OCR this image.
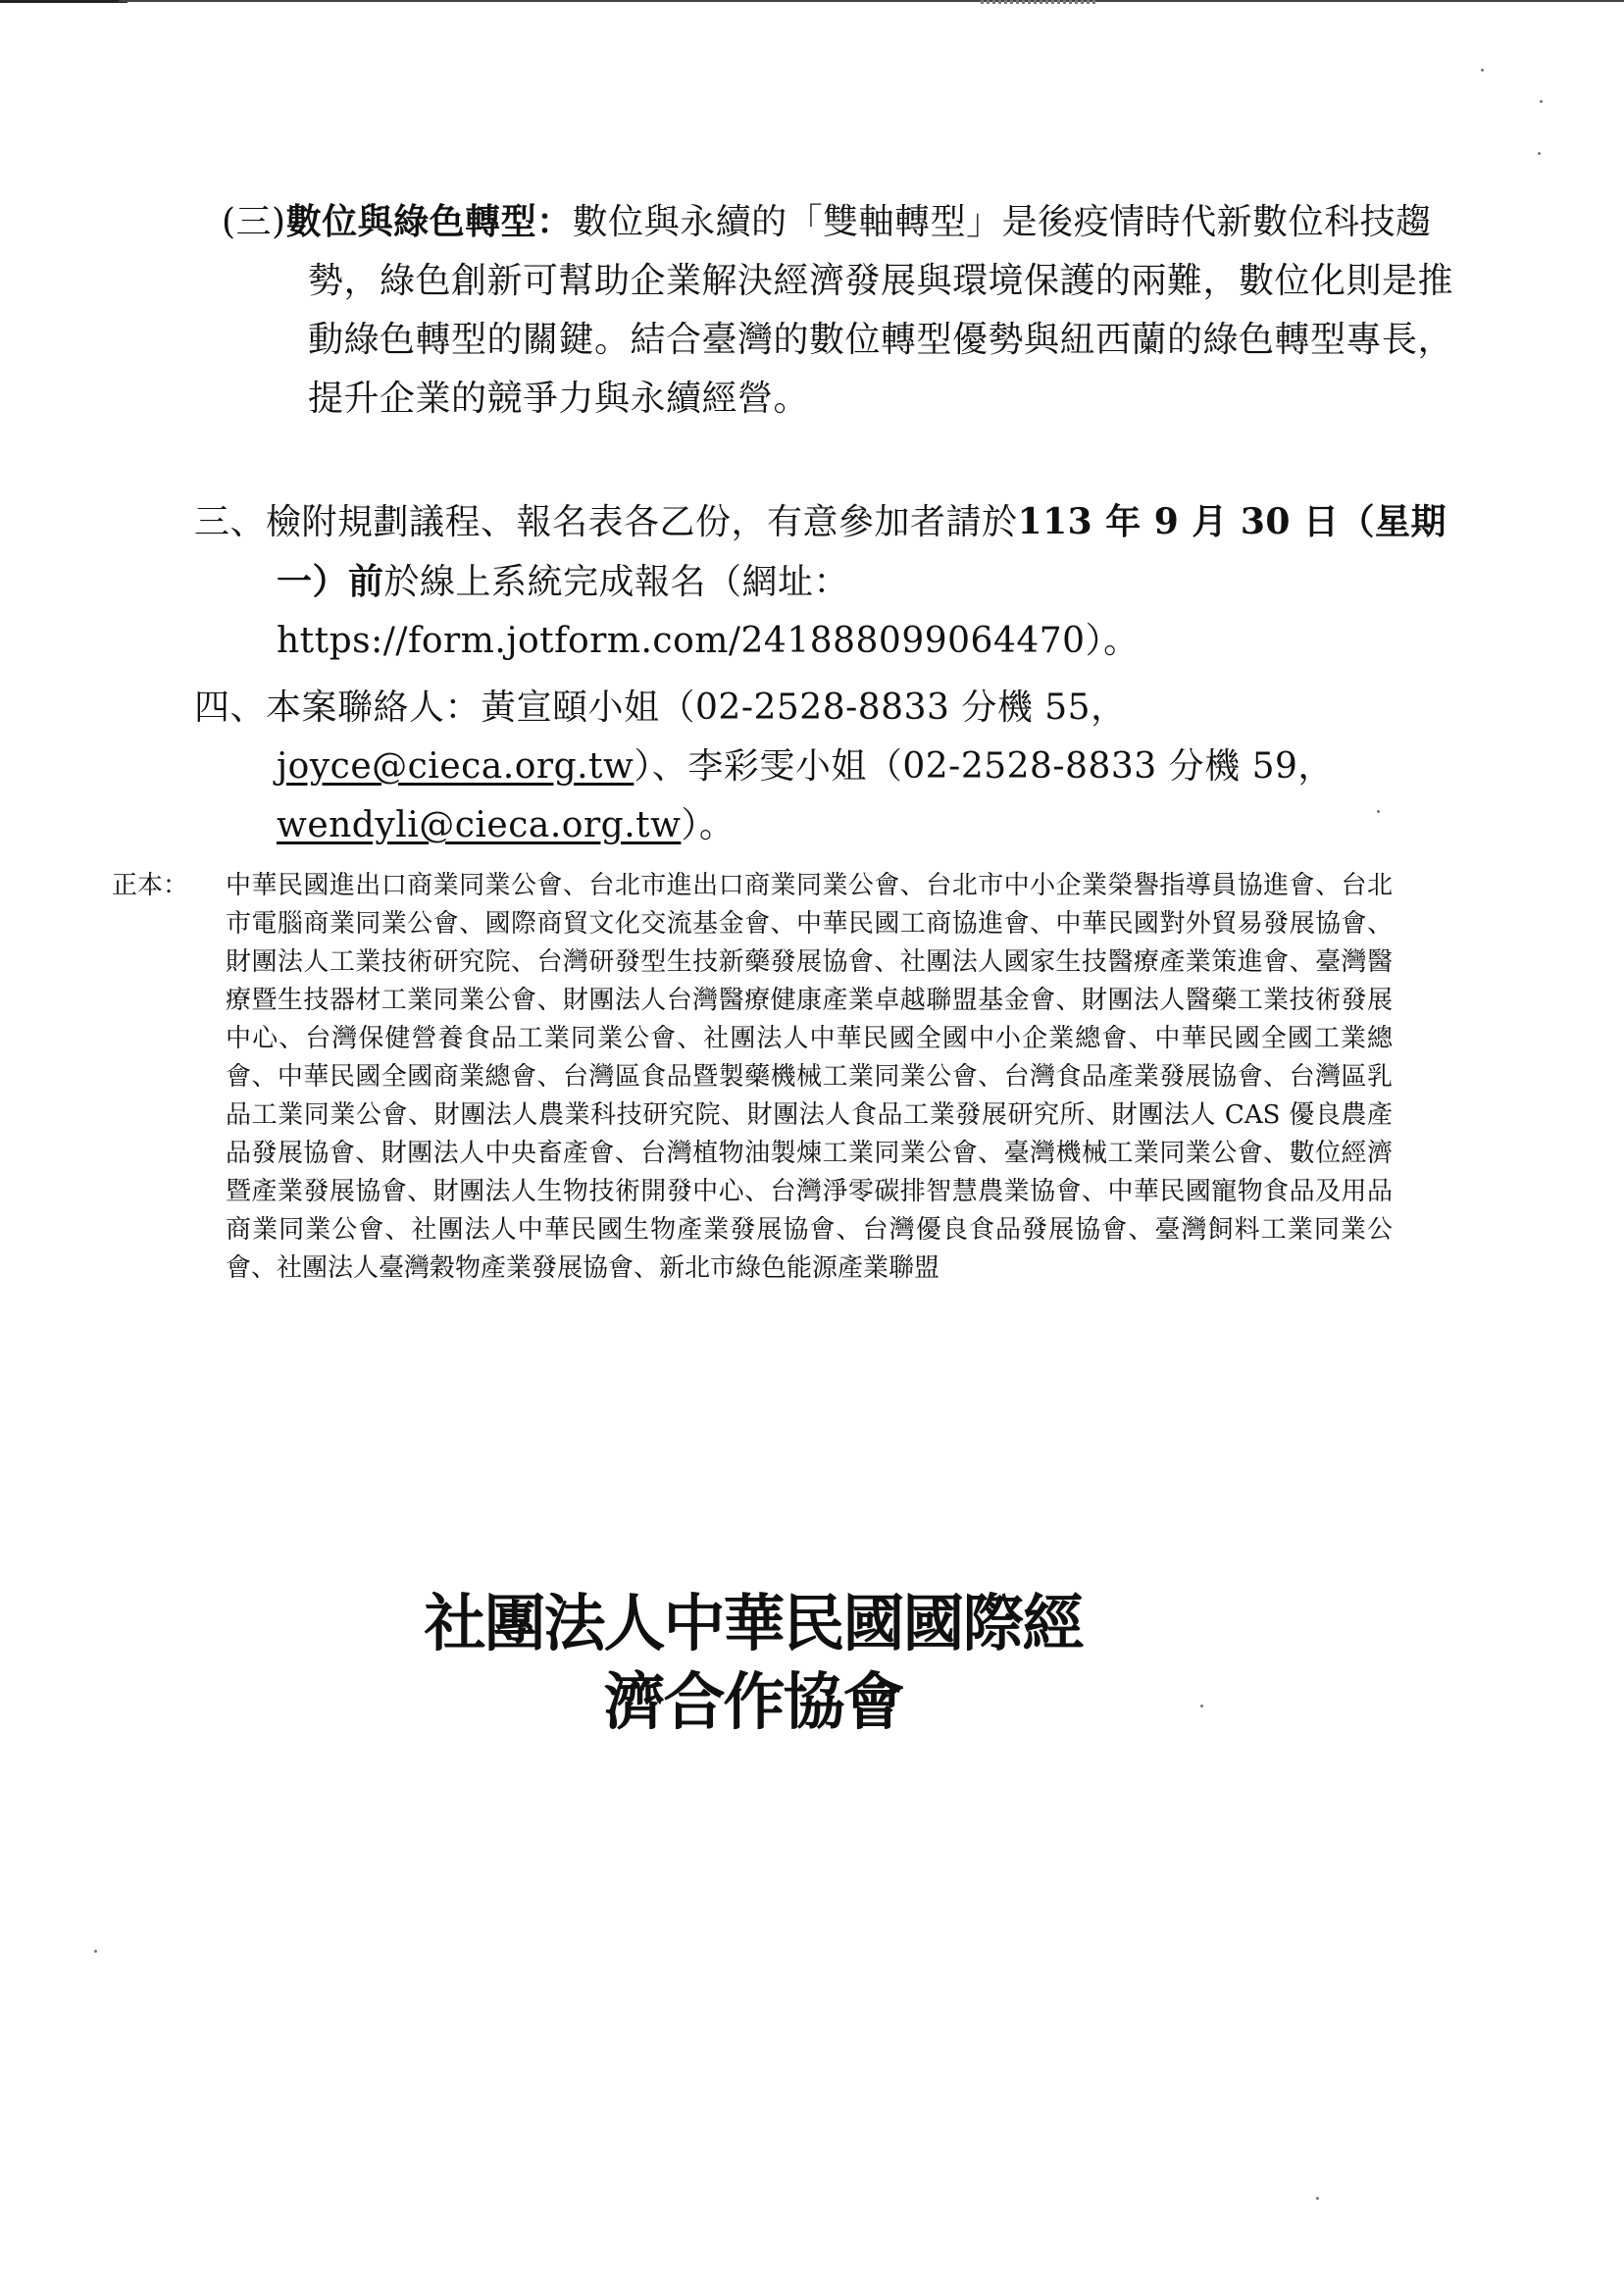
(三)數位與綠色轉型：數位與永續的「雙軸轉型」是後疫情時代新數位科技趨勢，綠色創新可幫助企業解決經濟發展與環境保護的兩難，數位化則是推動綠色轉型的關鍵。結合臺灣的數位轉型優勢與紐西蘭的綠色轉型專長，提升企業的競爭力與永續經營。
三、檢附規劃議程、報名表各乙份，有意參加者請於113 年 9 月 30 日（星期一）前於線上系統完成報名（網址：https://form.jotform.com/241888099064470）。
四、本案聯絡人：黃宣頤小姐（02-2528-8833 分機 55，joyce@cieca.org.tw）、李彩雯小姐（02-2528-8833 分機 59，wendyli@cieca.org.tw）。
正本：	中華民國進出口商業同業公會、台北市進出口商業同業公會、台北市中小企業榮譽指導員協進會、台北市電腦商業同業公會、國際商貿文化交流基金會、中華民國工商協進會、中華民國對外貿易發展協會、財團法人工業技術研究院、台灣研發型生技新藥發展協會、社團法人國家生技醫療產業策進會、臺灣醫療暨生技器材工業同業公會、財團法人台灣醫療健康產業卓越聯盟基金會、財團法人醫藥工業技術發展中心、台灣保健營養食品工業同業公會、社團法人中華民國全國中小企業總會、中華民國全國工業總會、中華民國全國商業總會、台灣區食品暨製藥機械工業同業公會、台灣食品產業發展協會、台灣區乳品工業同業公會、財團法人農業科技研究院、財團法人食品工業發展研究所、財團法人 CAS 優良農產品發展協會、財團法人中央畜產會、台灣植物油製煉工業同業公會、臺灣機械工業同業公會、數位經濟暨產業發展協會、財團法人生物技術開發中心、台灣淨零碳排智慧農業協會、中華民國寵物食品及用品商業同業公會、社團法人中華民國生物產業發展協會、台灣優良食品發展協會、臺灣飼料工業同業公會、社團法人臺灣穀物產業發展協會、新北市綠色能源產業聯盟
社團法人中華民國國際經濟合作協會
